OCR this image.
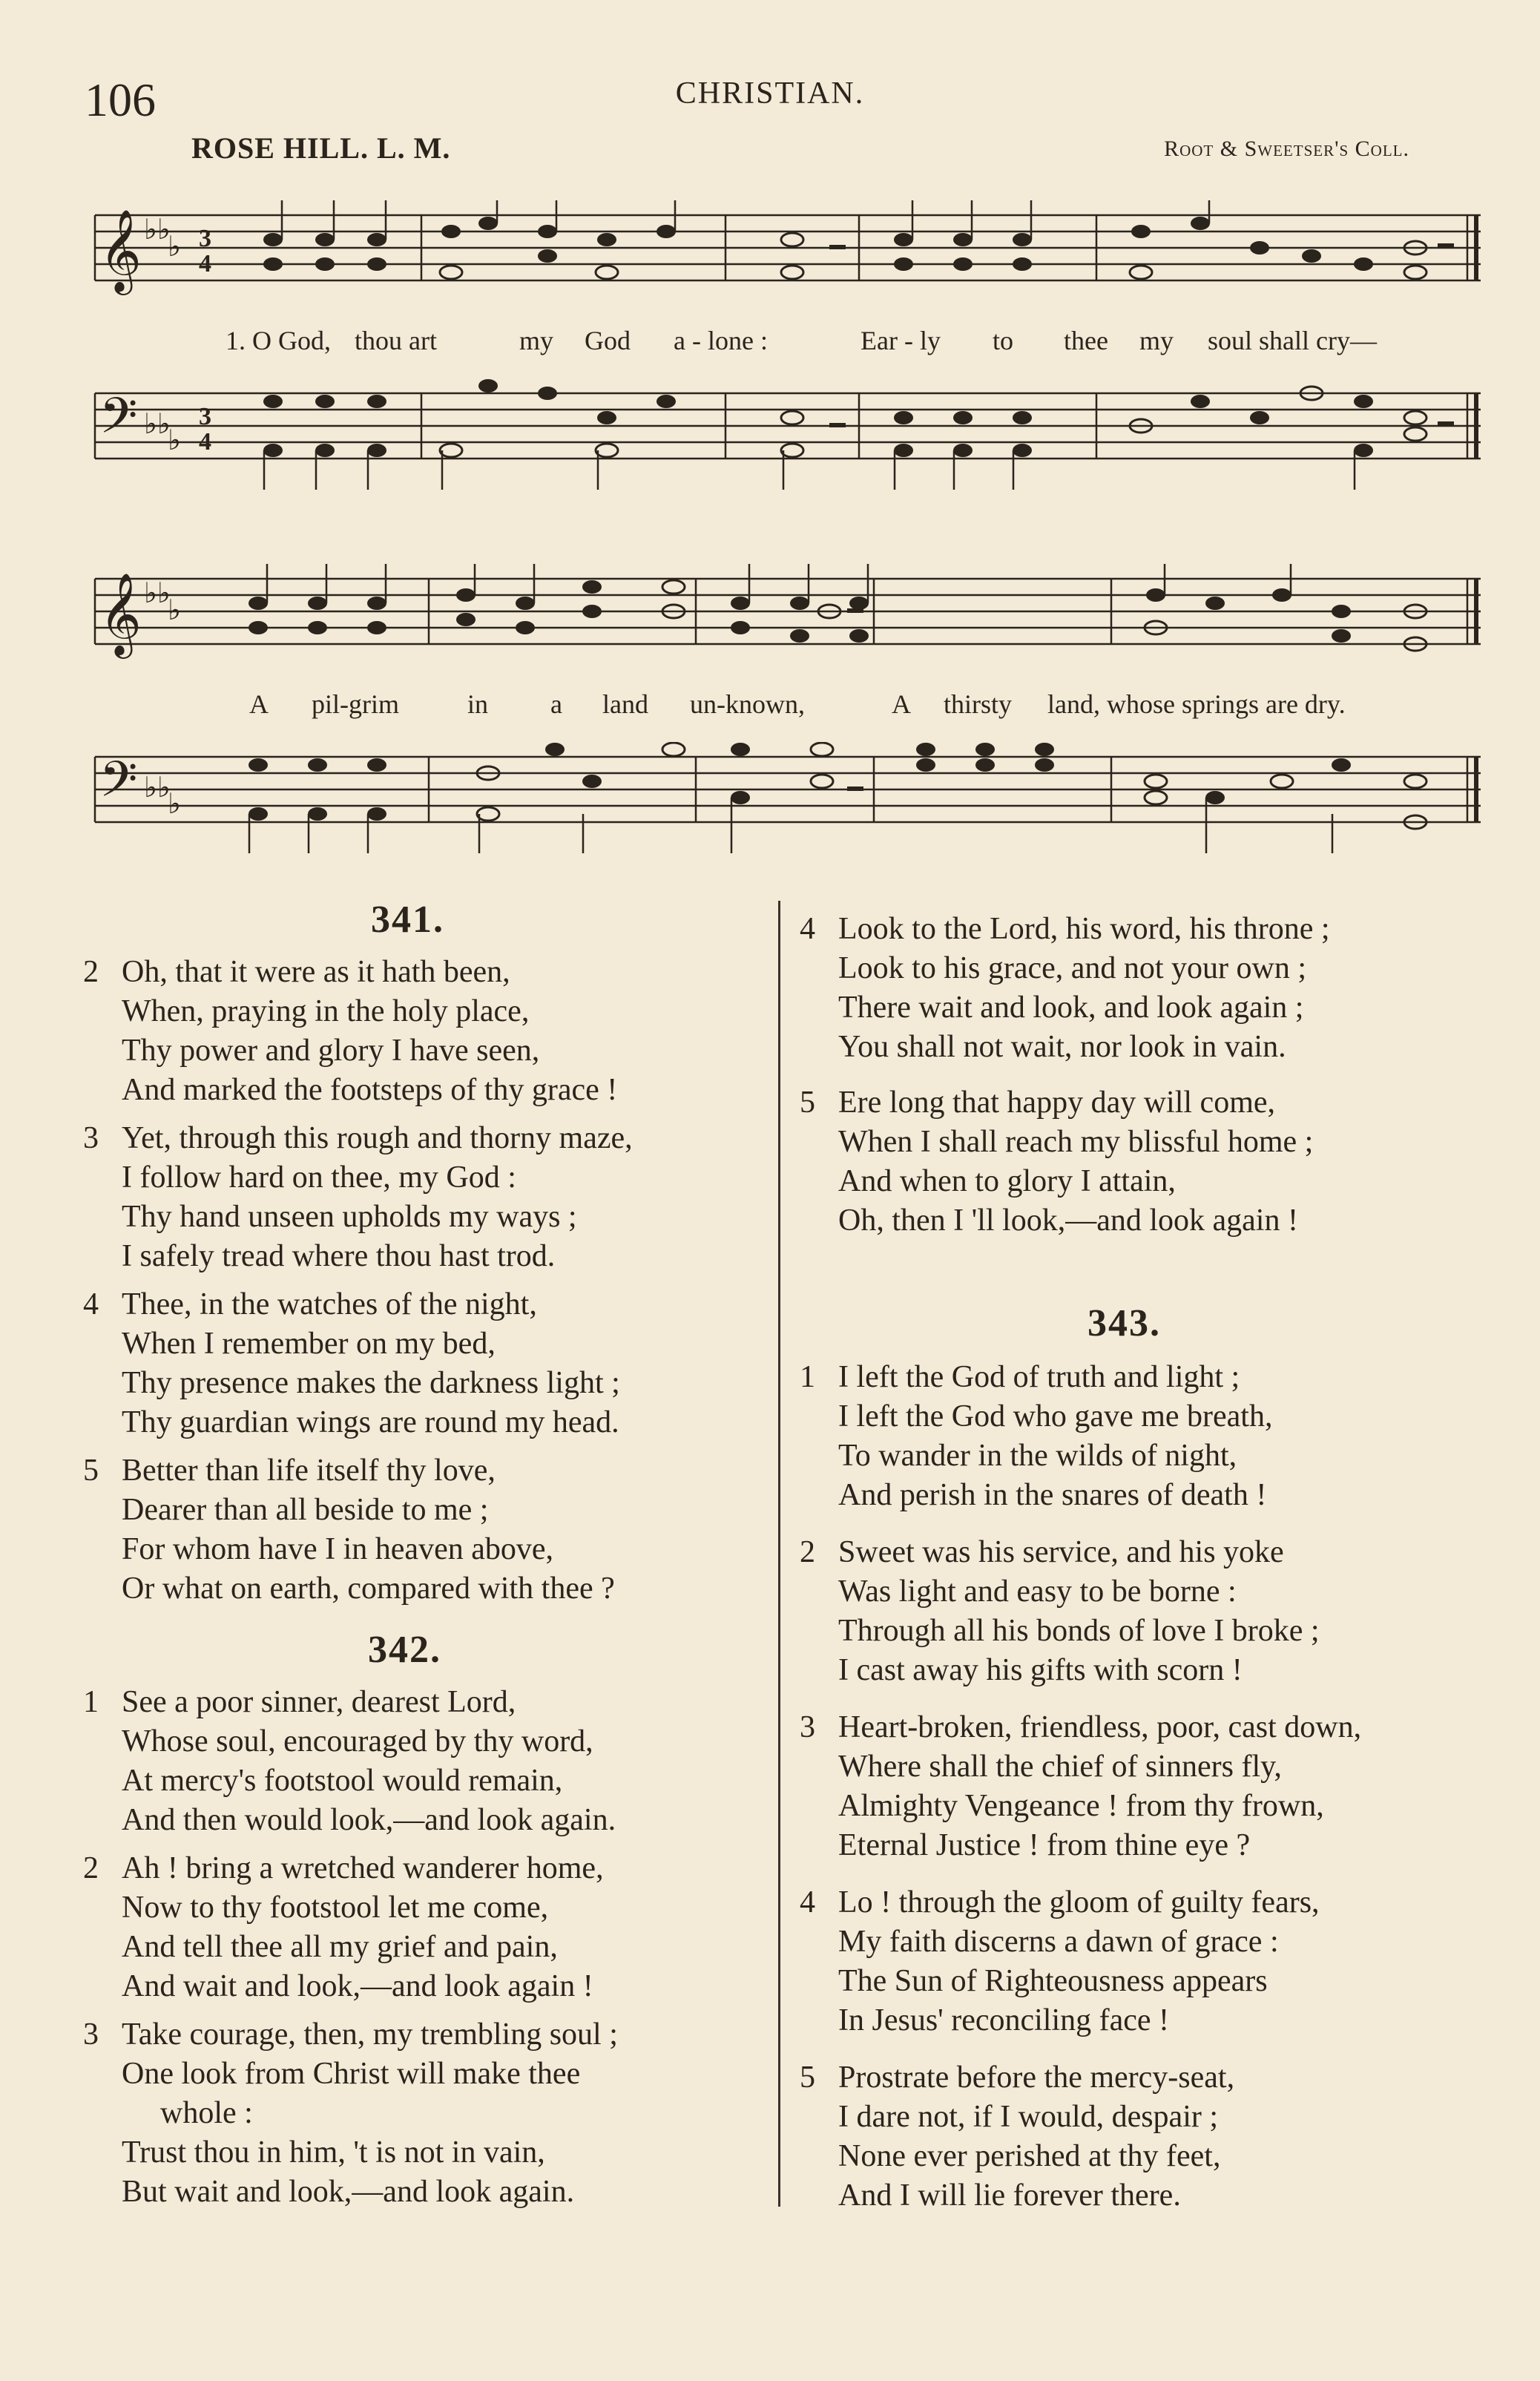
106	CHRISTIAN.
ROSE HILL. L. M.	Root & Sweetser's Coll.
𝄞 ♭♭
♭ 3
4
1. O God, thou art	my God a - lone :	Ear - ly to thee my soul shall cry—
𝄢 ♭♭
♭
3
4
𝄞 ♭♭
♭
A pil-grim	in a land un-known,	A thirsty land, whose springs are dry.
𝄢 ♭♭
♭
341.
2 Oh, that it were as it hath been,
When, praying in the holy place,
Thy power and glory I have seen,
And marked the footsteps of thy grace !
3 Yet, through this rough and thorny maze,
I follow hard on thee, my God :
Thy hand unseen upholds my ways ;
I safely tread where thou hast trod.
4 Thee, in the watches of the night,
When I remember on my bed,
Thy presence makes the darkness light ;
Thy guardian wings are round my head.
5 Better than life itself thy love,
Dearer than all beside to me ;
For whom have I in heaven above,
Or what on earth, compared with thee ?
342.
1 See a poor sinner, dearest Lord,
Whose soul, encouraged by thy word,
At mercy's footstool would remain,
And then would look,—and look again.
2 Ah ! bring a wretched wanderer home,
Now to thy footstool let me come,
And tell thee all my grief and pain,
And wait and look,—and look again !
3 Take courage, then, my trembling soul ;
One look from Christ will make thee
whole :
Trust thou in him, 't is not in vain,
But wait and look,—and look again.
4 Look to the Lord, his word, his throne ;
Look to his grace, and not your own ;
There wait and look, and look again ;
You shall not wait, nor look in vain.
5 Ere long that happy day will come,
When I shall reach my blissful home ;
And when to glory I attain,
Oh, then I 'll look,—and look again !
343.
1 I left the God of truth and light ;
I left the God who gave me breath,
To wander in the wilds of night,
And perish in the snares of death !
2 Sweet was his service, and his yoke
Was light and easy to be borne :
Through all his bonds of love I broke ;
I cast away his gifts with scorn !
3 Heart-broken, friendless, poor, cast down,
Where shall the chief of sinners fly,
Almighty Vengeance ! from thy frown,
Eternal Justice ! from thine eye ?
4 Lo ! through the gloom of guilty fears,
My faith discerns a dawn of grace :
The Sun of Righteousness appears
In Jesus' reconciling face !
5 Prostrate before the mercy-seat,
I dare not, if I would, despair ;
None ever perished at thy feet,
And I will lie forever there.
